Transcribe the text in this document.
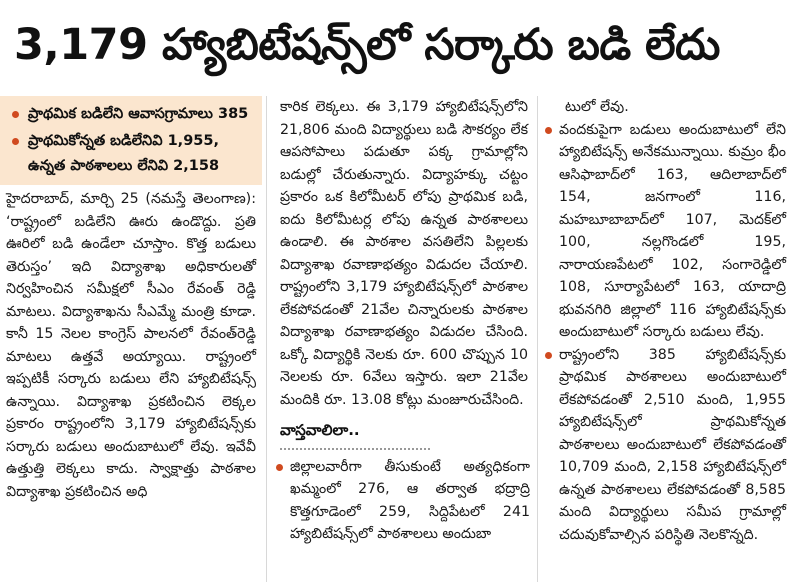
3,179 హ్యాబిటేషన్స్‌లో సర్కారు బడి లేదు
ప్రాథమిక బడిలేని ఆవాసగ్రామాలు 385
ప్రాథమికోన్నత బడిలేనివి 1,955, ఉన్నత పాఠశాలలు లేనివి 2,158

హైదరాబాద్, మార్చి 25 (నమస్తే తెలంగాణ): ‘రాష్ట్రంలో బడిలేని ఊరు ఉండొద్దు. ప్రతి ఊరిలో బడి ఉండేలా చూస్తాం. కొత్త బడులు తెరుస్తం’ ఇది విద్యాశాఖ అధికారులతో నిర్వహించిన సమీక్షలో సీఎం రేవంత్ రెడ్డి మాటలు. విద్యాశాఖను సీఎమ్మే మంత్రి కూడా. కానీ 15 నెలల కాంగ్రెస్ పాలనలో రేవంత్‌రెడ్డి మాటలు ఉత్తవే అయ్యాయి. రాష్ట్రంలో ఇప్పటికీ సర్కారు బడులు లేని హ్యాబిటేషన్స్ ఉన్నాయి. విద్యాశాఖ ప్రకటించిన లెక్కల ప్రకారం రాష్ట్రంలోని 3,179 హ్యాబిటేషన్స్‌కు సర్కారు బడులు అందుబాటులో లేవు. ఇవేవీ ఉత్తుత్తి లెక్కలు కాదు. స్వాక్షాత్తు పాఠశాల విద్యాశాఖ ప్రకటించిన అధి

కారిక లెక్కలు. ఈ 3,179 హ్యాబిటేషన్స్‌లోని 21,806 మంది విద్యార్థులు బడి సౌకర్యం లేక ఆపసోపాలు పడుతూ పక్క గ్రామాల్లోని బడుల్లో చేరుతున్నారు. విద్యాహక్కు చట్టం ప్రకారం ఒక కిలోమీటర్ లోపు ప్రాథమిక బడి, ఐదు కిలోమీటర్ల లోపు ఉన్నత పాఠశాలలు ఉండాలి. ఈ పాఠశాల వసతిలేని పిల్లలకు విద్యాశాఖ రవాణాభత్యం విడుదల చేయాలి. రాష్ట్రంలోని 3,179 హ్యాబిటేషన్స్‌లో పాఠశాల లేకపోవడంతో 21వేల చిన్నారులకు పాఠశాల విద్యాశాఖ రవాణాభత్యం విడుదల చేసింది. ఒక్కో విద్యార్థికి నెలకు రూ. 600 చొప్పున 10 నెలలకు రూ. 6వేలు ఇస్తారు. ఇలా 21వేల మందికి రూ. 13.08 కోట్లు మంజూరుచేసింది.

వాస్తవాలిలా..

జిల్లాలవారీగా తీసుకుంటే అత్యధికంగా ఖమ్మంలో 276, ఆ తర్వాత భద్రాద్రి కొత్తగూడెంలో 259, సిద్దిపేటలో 241 హ్యాబిటేషన్స్‌లో పాఠశాలలు అందుబా

టులో లేవు.

వందకుపైగా బడులు అందుబాటులో లేని హ్యాబిటేషన్స్ అనేకమున్నాయి. కుమ్రం భీం ఆసిఫాబాద్‌లో 163, ఆదిలాబాద్‌లో 154, జనగాంలో 116, మహబూబాబాద్‌లో 107, మెదక్‌లో 100, నల్లగొండలో 195, నారాయణపేటలో 102, సంగారెడ్డిలో 108, సూర్యాపేటలో 163, యాదాద్రి భువనగిరి జిల్లాలో 116 హ్యాబిటేషన్స్‌కు అందుబాటులో సర్కారు బడులు లేవు.

రాష్ట్రంలోని 385 హ్యాబిటేషన్స్‌కు ప్రాథమిక పాఠశాలలు అందుబాటులో లేకపోవడంతో 2,510 మంది, 1,955 హ్యాబిటేషన్స్‌లో ప్రాథమికోన్నత పాఠశాలలు అందుబాటులో లేకపోవడంతో 10,709 మంది, 2,158 హ్యాబిటేషన్స్‌లో ఉన్నత పాఠశాలలు లేకపోవడంతో 8,585 మంది విద్యార్థులు సమీప గ్రామాల్లో చదువుకోవాల్సిన పరిస్థితి నెలకొన్నది.
